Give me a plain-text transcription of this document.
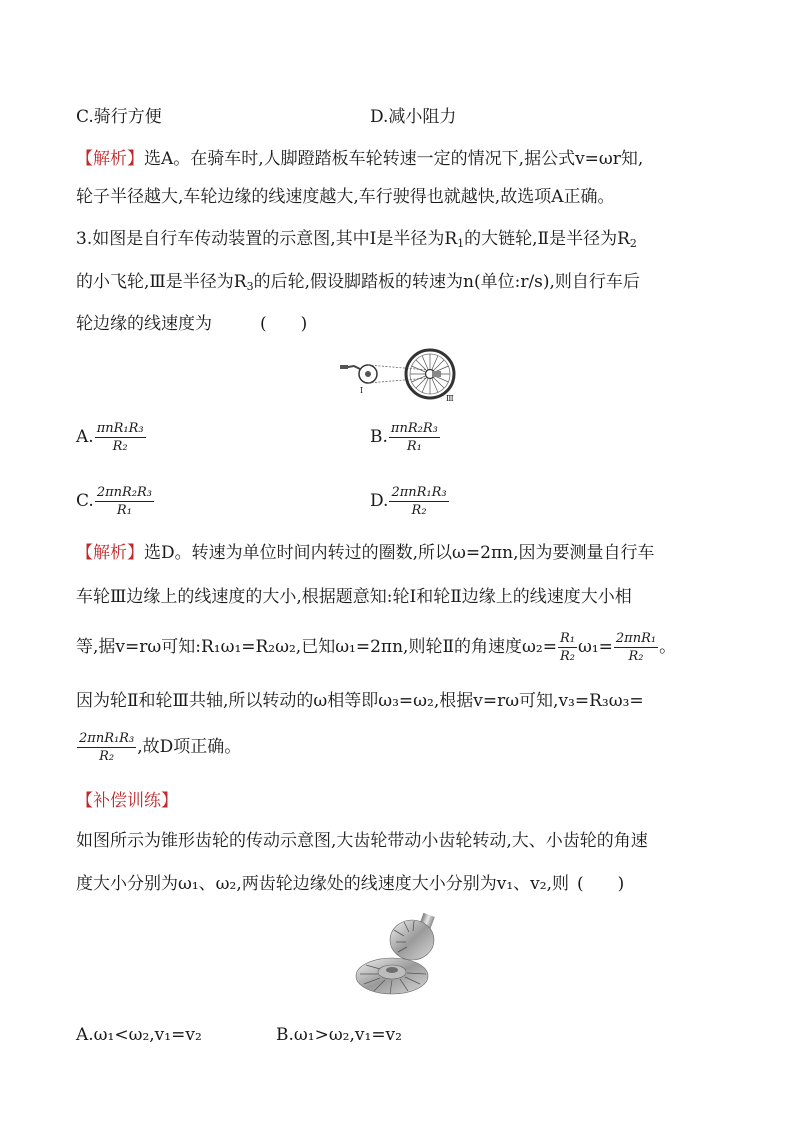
C.骑行方便	D.减小阻力
【解析】选A。在骑车时,人脚蹬踏板车轮转速一定的情况下,据公式v=ωr知,
轮子半径越大,车轮边缘的线速度越大,车行驶得也就越快,故选项A正确。
3.如图是自行车传动装置的示意图,其中Ⅰ是半径为$R_1$的大链轮,Ⅱ是半径为$R_2$
的小飞轮,Ⅲ是半径为$R_3$的后轮,假设脚踏板的转速为n(单位:r/s),则自行车后
轮边缘的线速度为	(　　)
Ⅰ
Ⅲ
A. $\frac{\text{πnR₁R₃}}{\text{R₂}}$	B. $\frac{\text{πnR₂R₃}}{\text{R₁}}$
C. $\frac{\text{2πnR₂R₃}}{\text{R₁}}$	D. $\frac{\text{2πnR₁R₃}}{\text{R₂}}$
【解析】选D。转速为单位时间内转过的圈数,所以ω=2πn,因为要测量自行车
车轮Ⅲ边缘上的线速度的大小,根据题意知:轮Ⅰ和轮Ⅱ边缘上的线速度大小相
等,据v=rω可知:R₁ω₁=R₂ω₂,已知ω₁=2πn,则轮Ⅱ的角速度$\omega_2= \frac{\text{R₁}}{\text{R₂}} \omega_1= \frac{\text{2πnR₁}}{\text{R₂}}$ 。
因为轮Ⅱ和轮Ⅲ共轴,所以转动的ω相等即ω₃=ω₂,根据v=rω可知,v₃=R₃ω₃=
$\frac{\text{2πnR₁R₃}}{\text{R₂}}$ ,故D项正确。
【补偿训练】
如图所示为锥形齿轮的传动示意图,大齿轮带动小齿轮转动,大、小齿轮的角速
度大小分别为ω₁、ω₂,两齿轮边缘处的线速度大小分别为v₁、v₂,则 (　　)
A.ω₁<ω₂,v₁=v₂	B.ω₁>ω₂,v₁=v₂
